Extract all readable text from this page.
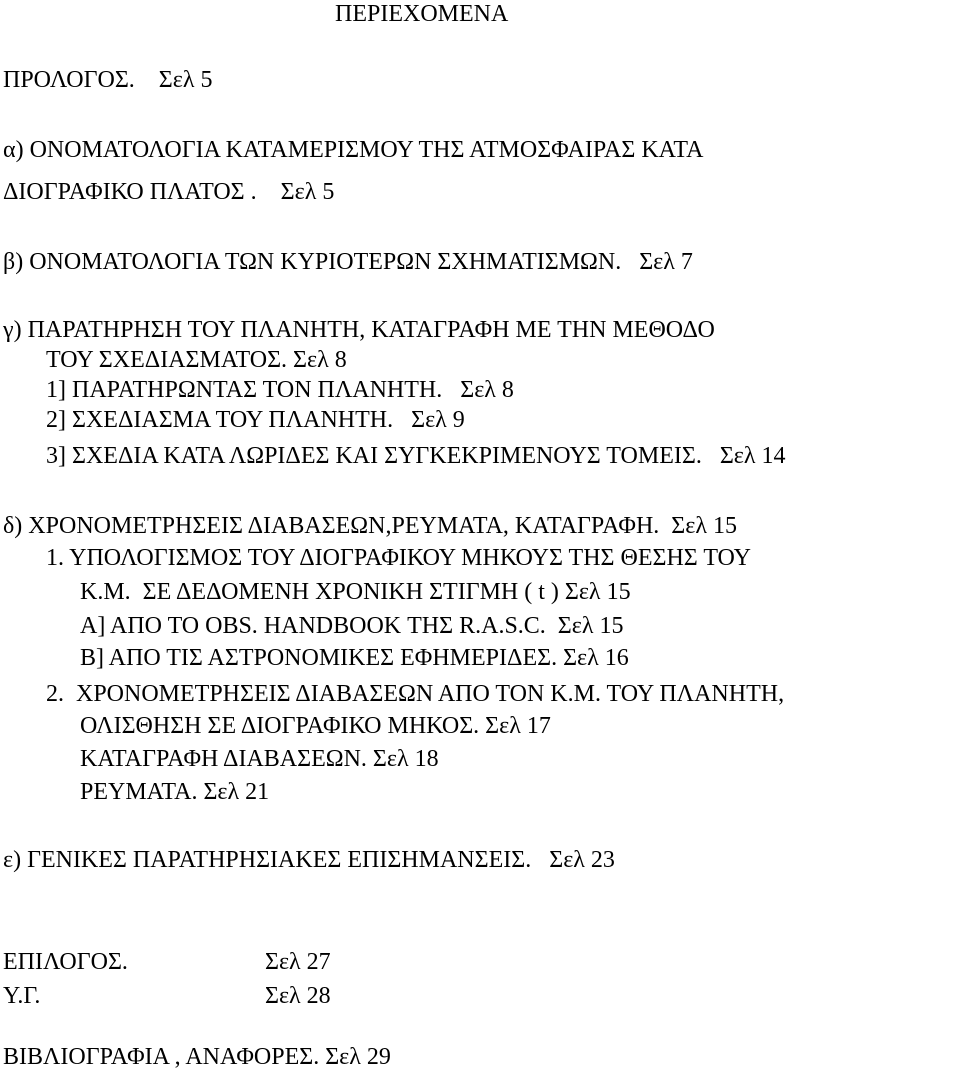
ΠΕΡΙΕΧΟΜΕΝΑ
ΠΡΟΛΟΓΟΣ.    Σελ 5
α) ΟΝΟΜΑΤΟΛΟΓΙΑ ΚΑΤΑΜΕΡΙΣΜΟΥ ΤΗΣ ΑΤΜΟΣΦΑΙΡΑΣ ΚΑΤΑ
ΔΙΟΓΡΑΦΙΚΟ ΠΛΑΤΟΣ .    Σελ 5
β) ΟΝΟΜΑΤΟΛΟΓΙΑ ΤΩΝ ΚΥΡΙΟΤΕΡΩΝ ΣΧΗΜΑΤΙΣΜΩΝ.   Σελ 7
γ) ΠΑΡΑΤΗΡΗΣΗ ΤΟΥ ΠΛΑΝΗΤΗ, ΚΑΤΑΓΡΑΦΗ ΜΕ ΤΗΝ ΜΕΘΟΔΟ
ΤΟΥ ΣΧΕΔΙΑΣΜΑΤΟΣ. Σελ 8
1] ΠΑΡΑΤΗΡΩΝΤΑΣ ΤΟΝ ΠΛΑΝΗΤΗ.   Σελ 8
2] ΣΧΕΔΙΑΣΜΑ ΤΟΥ ΠΛΑΝΗΤΗ.   Σελ 9
3] ΣΧΕΔΙΑ ΚΑΤΑ ΛΩΡΙΔΕΣ ΚΑΙ ΣΥΓΚΕΚΡΙΜΕΝΟΥΣ ΤΟΜΕΙΣ.   Σελ 14
δ) ΧΡΟΝΟΜΕΤΡΗΣΕΙΣ ΔΙΑΒΑΣΕΩΝ,ΡΕΥΜΑΤΑ, ΚΑΤΑΓΡΑΦΗ.  Σελ 15
1. ΥΠΟΛΟΓΙΣΜΟΣ ΤΟΥ ΔΙΟΓΡΑΦΙΚΟΥ ΜΗΚΟΥΣ ΤΗΣ ΘΕΣΗΣ ΤΟΥ
Κ.Μ.  ΣΕ ΔΕΔΟΜΕΝΗ ΧΡΟΝΙΚΗ ΣΤΙΓΜΗ ( t ) Σελ 15
Α] ΑΠΟ ΤΟ OBS. HANDBOOK ΤΗΣ R.A.S.C.  Σελ 15
Β] ΑΠΟ ΤΙΣ ΑΣΤΡΟΝΟΜΙΚΕΣ ΕΦΗΜΕΡΙΔΕΣ. Σελ 16
2.  ΧΡΟΝΟΜΕΤΡΗΣΕΙΣ ΔΙΑΒΑΣΕΩΝ ΑΠΟ ΤΟΝ Κ.Μ. ΤΟΥ ΠΛΑΝΗΤΗ,
ΟΛΙΣΘΗΣΗ ΣΕ ΔΙΟΓΡΑΦΙΚΟ ΜΗΚΟΣ. Σελ 17
ΚΑΤΑΓΡΑΦΗ ΔΙΑΒΑΣΕΩΝ. Σελ 18
ΡΕΥΜΑΤΑ. Σελ 21
ε) ΓΕΝΙΚΕΣ ΠΑΡΑΤΗΡΗΣΙΑΚΕΣ ΕΠΙΣΗΜΑΝΣΕΙΣ.   Σελ 23
ΕΠΙΛΟΓΟΣ.	Σελ 27
Υ.Γ.	Σελ 28
ΒΙΒΛΙΟΓΡΑΦΙΑ , ΑΝΑΦΟΡΕΣ. Σελ 29
